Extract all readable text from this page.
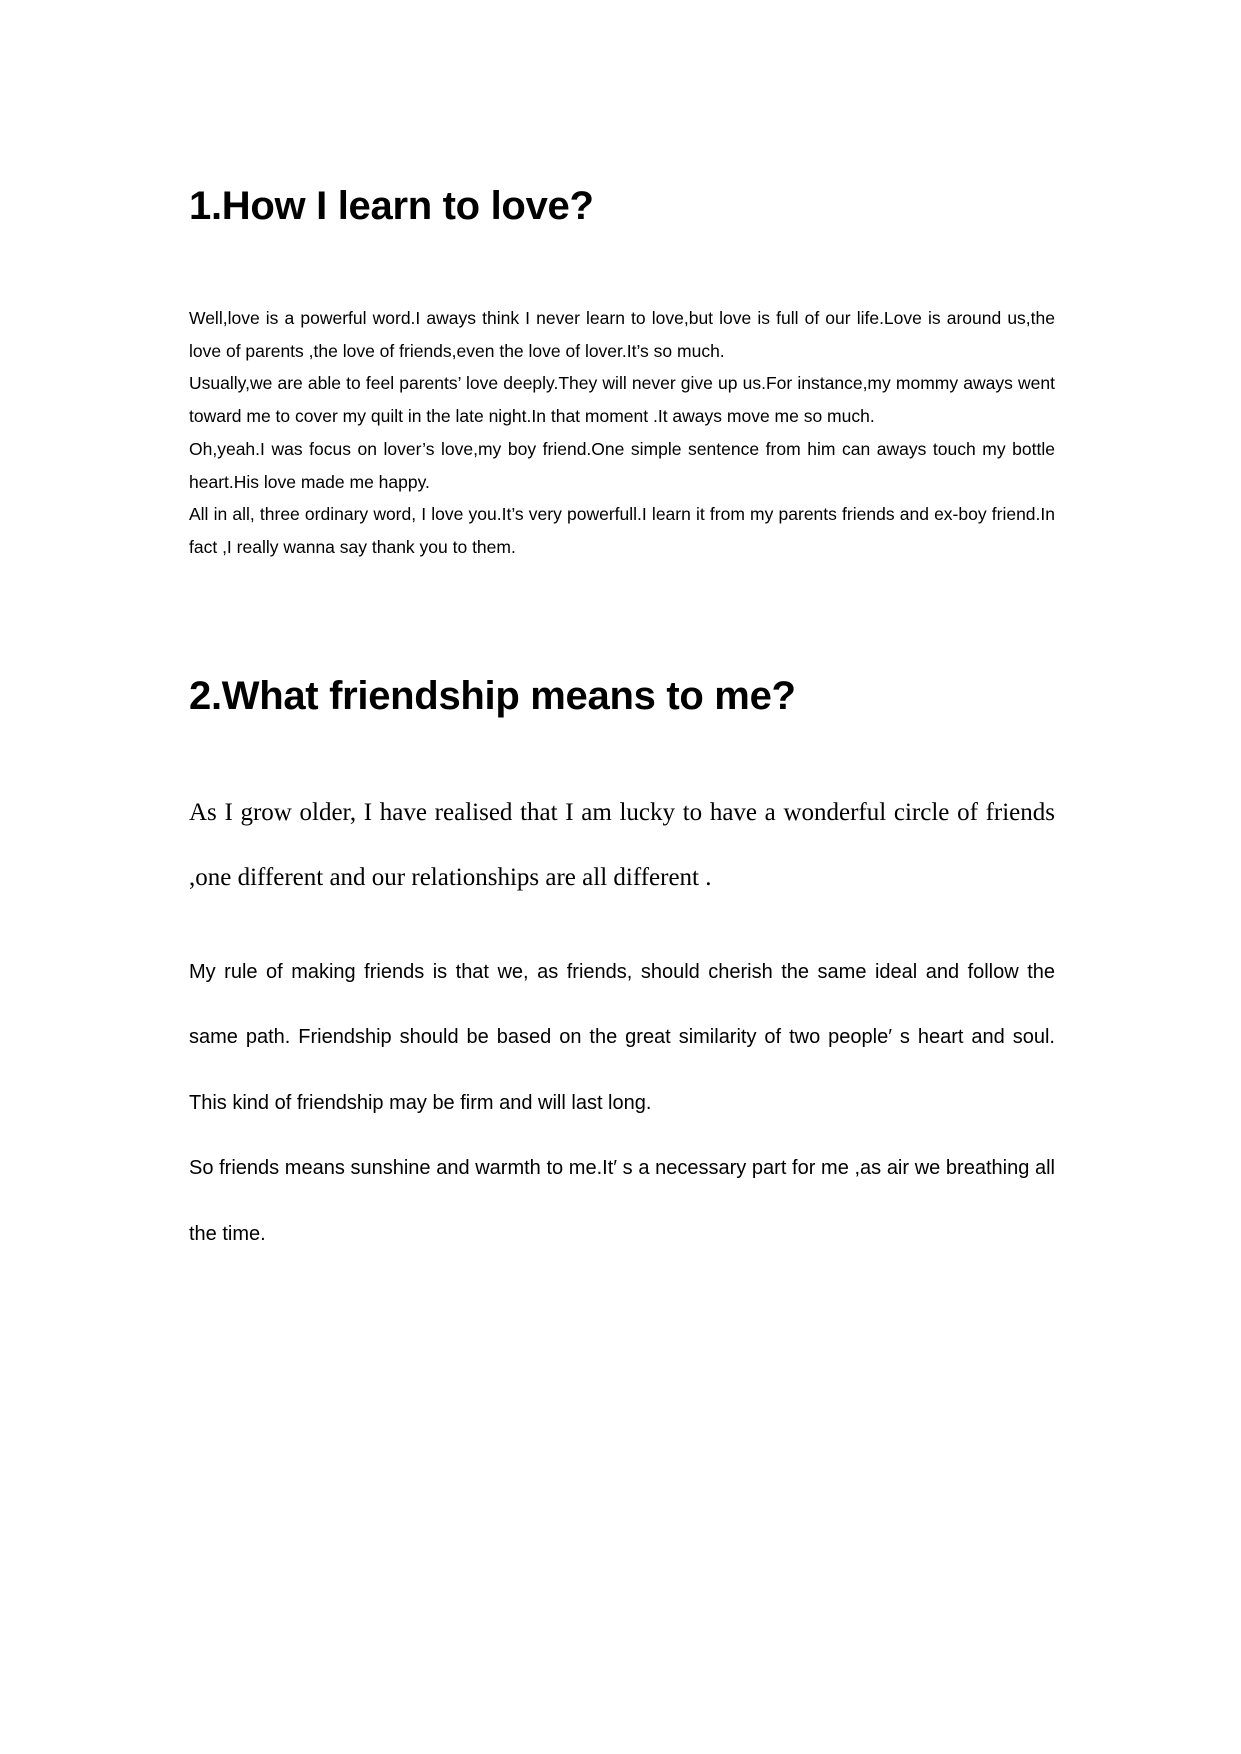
1.How I learn to love?

Well,love is a powerful word.I aways think I never learn to love,but love is full of our life.Love is around us,the love of parents ,the love of friends,even the love of lover.It’s so much.

Usually,we are able to feel parents’ love deeply.They will never give up us.For instance,my mommy aways went toward me to cover my quilt in the late night.In that moment .It aways move me so much.

Oh,yeah.I was focus on lover’s love,my boy friend.One simple sentence from him can aways touch my bottle heart.His love made me happy.

All in all, three ordinary word, I love you.It’s very powerfull.I learn it from my parents friends and ex-boy friend.In fact ,I really wanna say thank you to them.

2.What friendship means to me?

As I grow older, I have realised that I am lucky to have a wonderful circle of friends ,one different and our relationships are all different .

My rule of making friends is that we, as friends, should cherish the same ideal and follow the same path. Friendship should be based on the great similarity of two people′ s heart and soul. This kind of friendship may be firm and will last long.

So friends means sunshine and warmth to me.It′ s a necessary part for me ,as air we breathing all the time.
